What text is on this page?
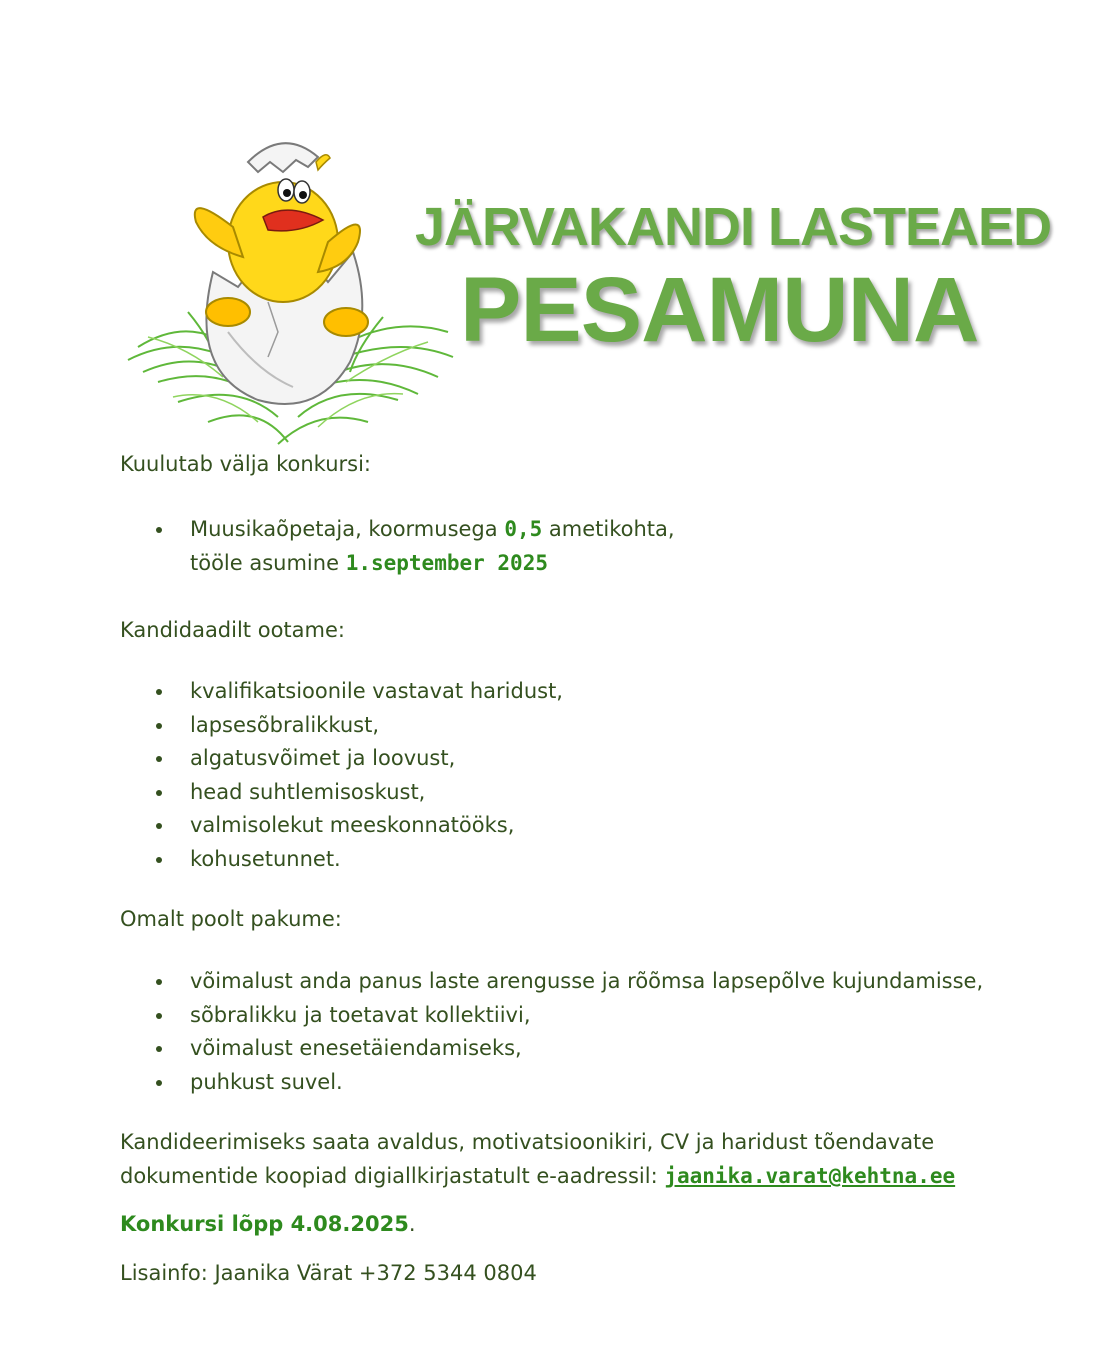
JÄRVAKANDI LASTEAED
PESAMUNA
Kuulutab välja konkursi:
Muusikaõpetaja, koormusega 0,5 ametikohta,
tööle asumine 1.september 2025
Kandidaadilt ootame:
kvalifikatsioonile vastavat haridust,
lapsesõbralikkust,
algatusvõimet ja loovust,
head suhtlemisoskust,
valmisolekut meeskonnatööks,
kohusetunnet.
Omalt poolt pakume:
võimalust anda panus laste arengusse ja rõõmsa lapsepõlve kujundamisse,
sõbralikku ja toetavat kollektiivi,
võimalust enesetäiendamiseks,
puhkust suvel.
Kandideerimiseks saata avaldus, motivatsioonikiri, CV ja haridust tõendavate
dokumentide koopiad digiallkirjastatult e-aadressil: jaanika.varat@kehtna.ee
Konkursi lõpp 4.08.2025.
Lisainfo: Jaanika Värat +372 5344 0804
